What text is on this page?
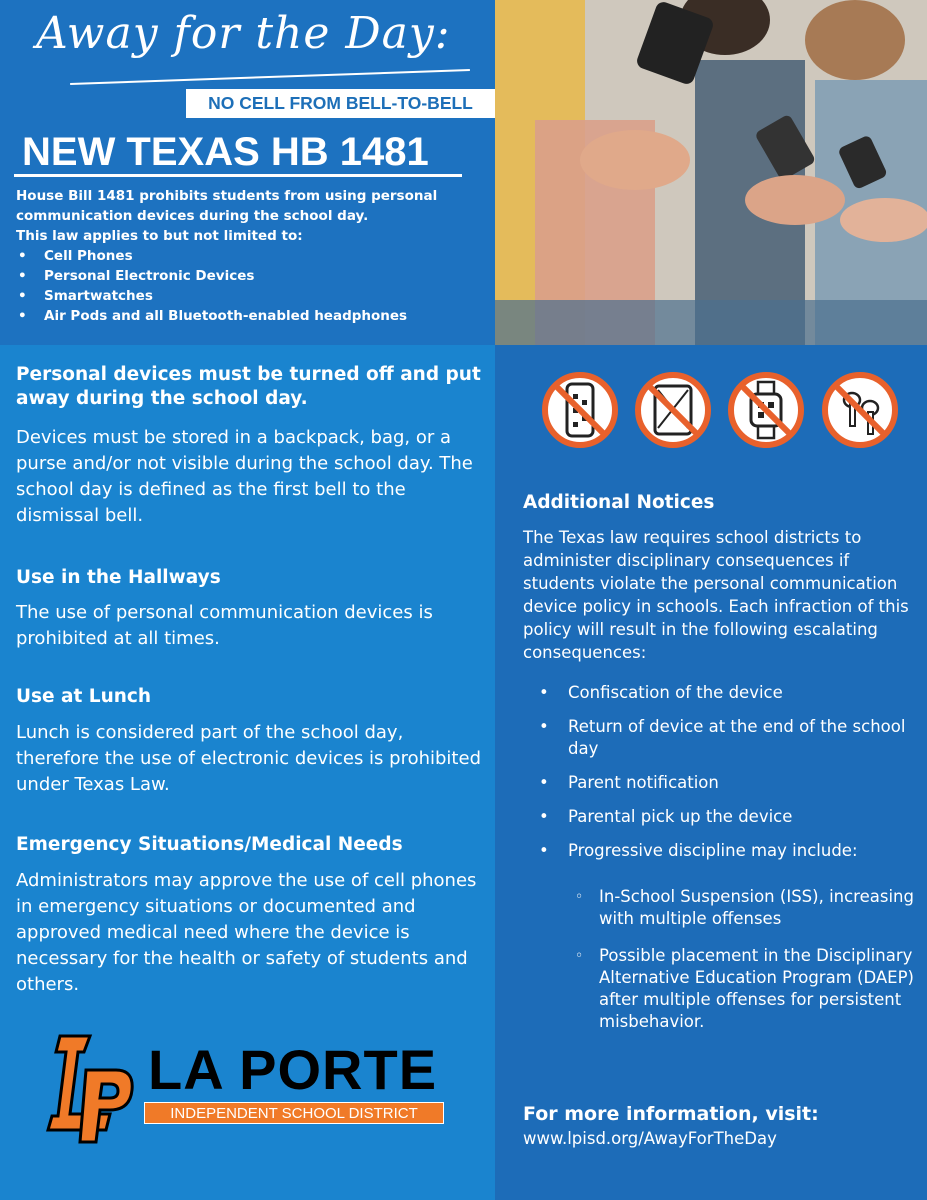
Away for the Day:
NO CELL FROM BELL-TO-BELL
NEW TEXAS HB 1481
House Bill 1481 prohibits students from using personal communication devices during the school day.
This law applies to but not limited to:
• Cell Phones
• Personal Electronic Devices
• Smartwatches
• Air Pods and all Bluetooth-enabled headphones
Personal devices must be turned off and put away during the school day.
Devices must be stored in a backpack, bag, or a purse and/or not visible during the school day. The school day is defined as the first bell to the dismissal bell.
Use in the Hallways
The use of personal communication devices is prohibited at all times.
Use at Lunch
Lunch is considered part of the school day, therefore the use of electronic devices is prohibited under Texas Law.
Emergency Situations/Medical Needs
Administrators may approve the use of cell phones in emergency situations or documented and approved medical need where the device is necessary for the health or safety of students and others.
LA PORTE
INDEPENDENT SCHOOL DISTRICT
Additional Notices
The Texas law requires school districts to administer disciplinary consequences if students violate the personal communication device policy in schools. Each infraction of this policy will result in the following escalating consequences:
• Confiscation of the device
• Return of device at the end of the school day
• Parent notification
• Parental pick up the device
• Progressive discipline may include:
◦ In-School Suspension (ISS), increasing with multiple offenses
◦ Possible placement in the Disciplinary Alternative Education Program (DAEP) after multiple offenses for persistent misbehavior.
For more information, visit:
www.lpisd.org/AwayForTheDay
